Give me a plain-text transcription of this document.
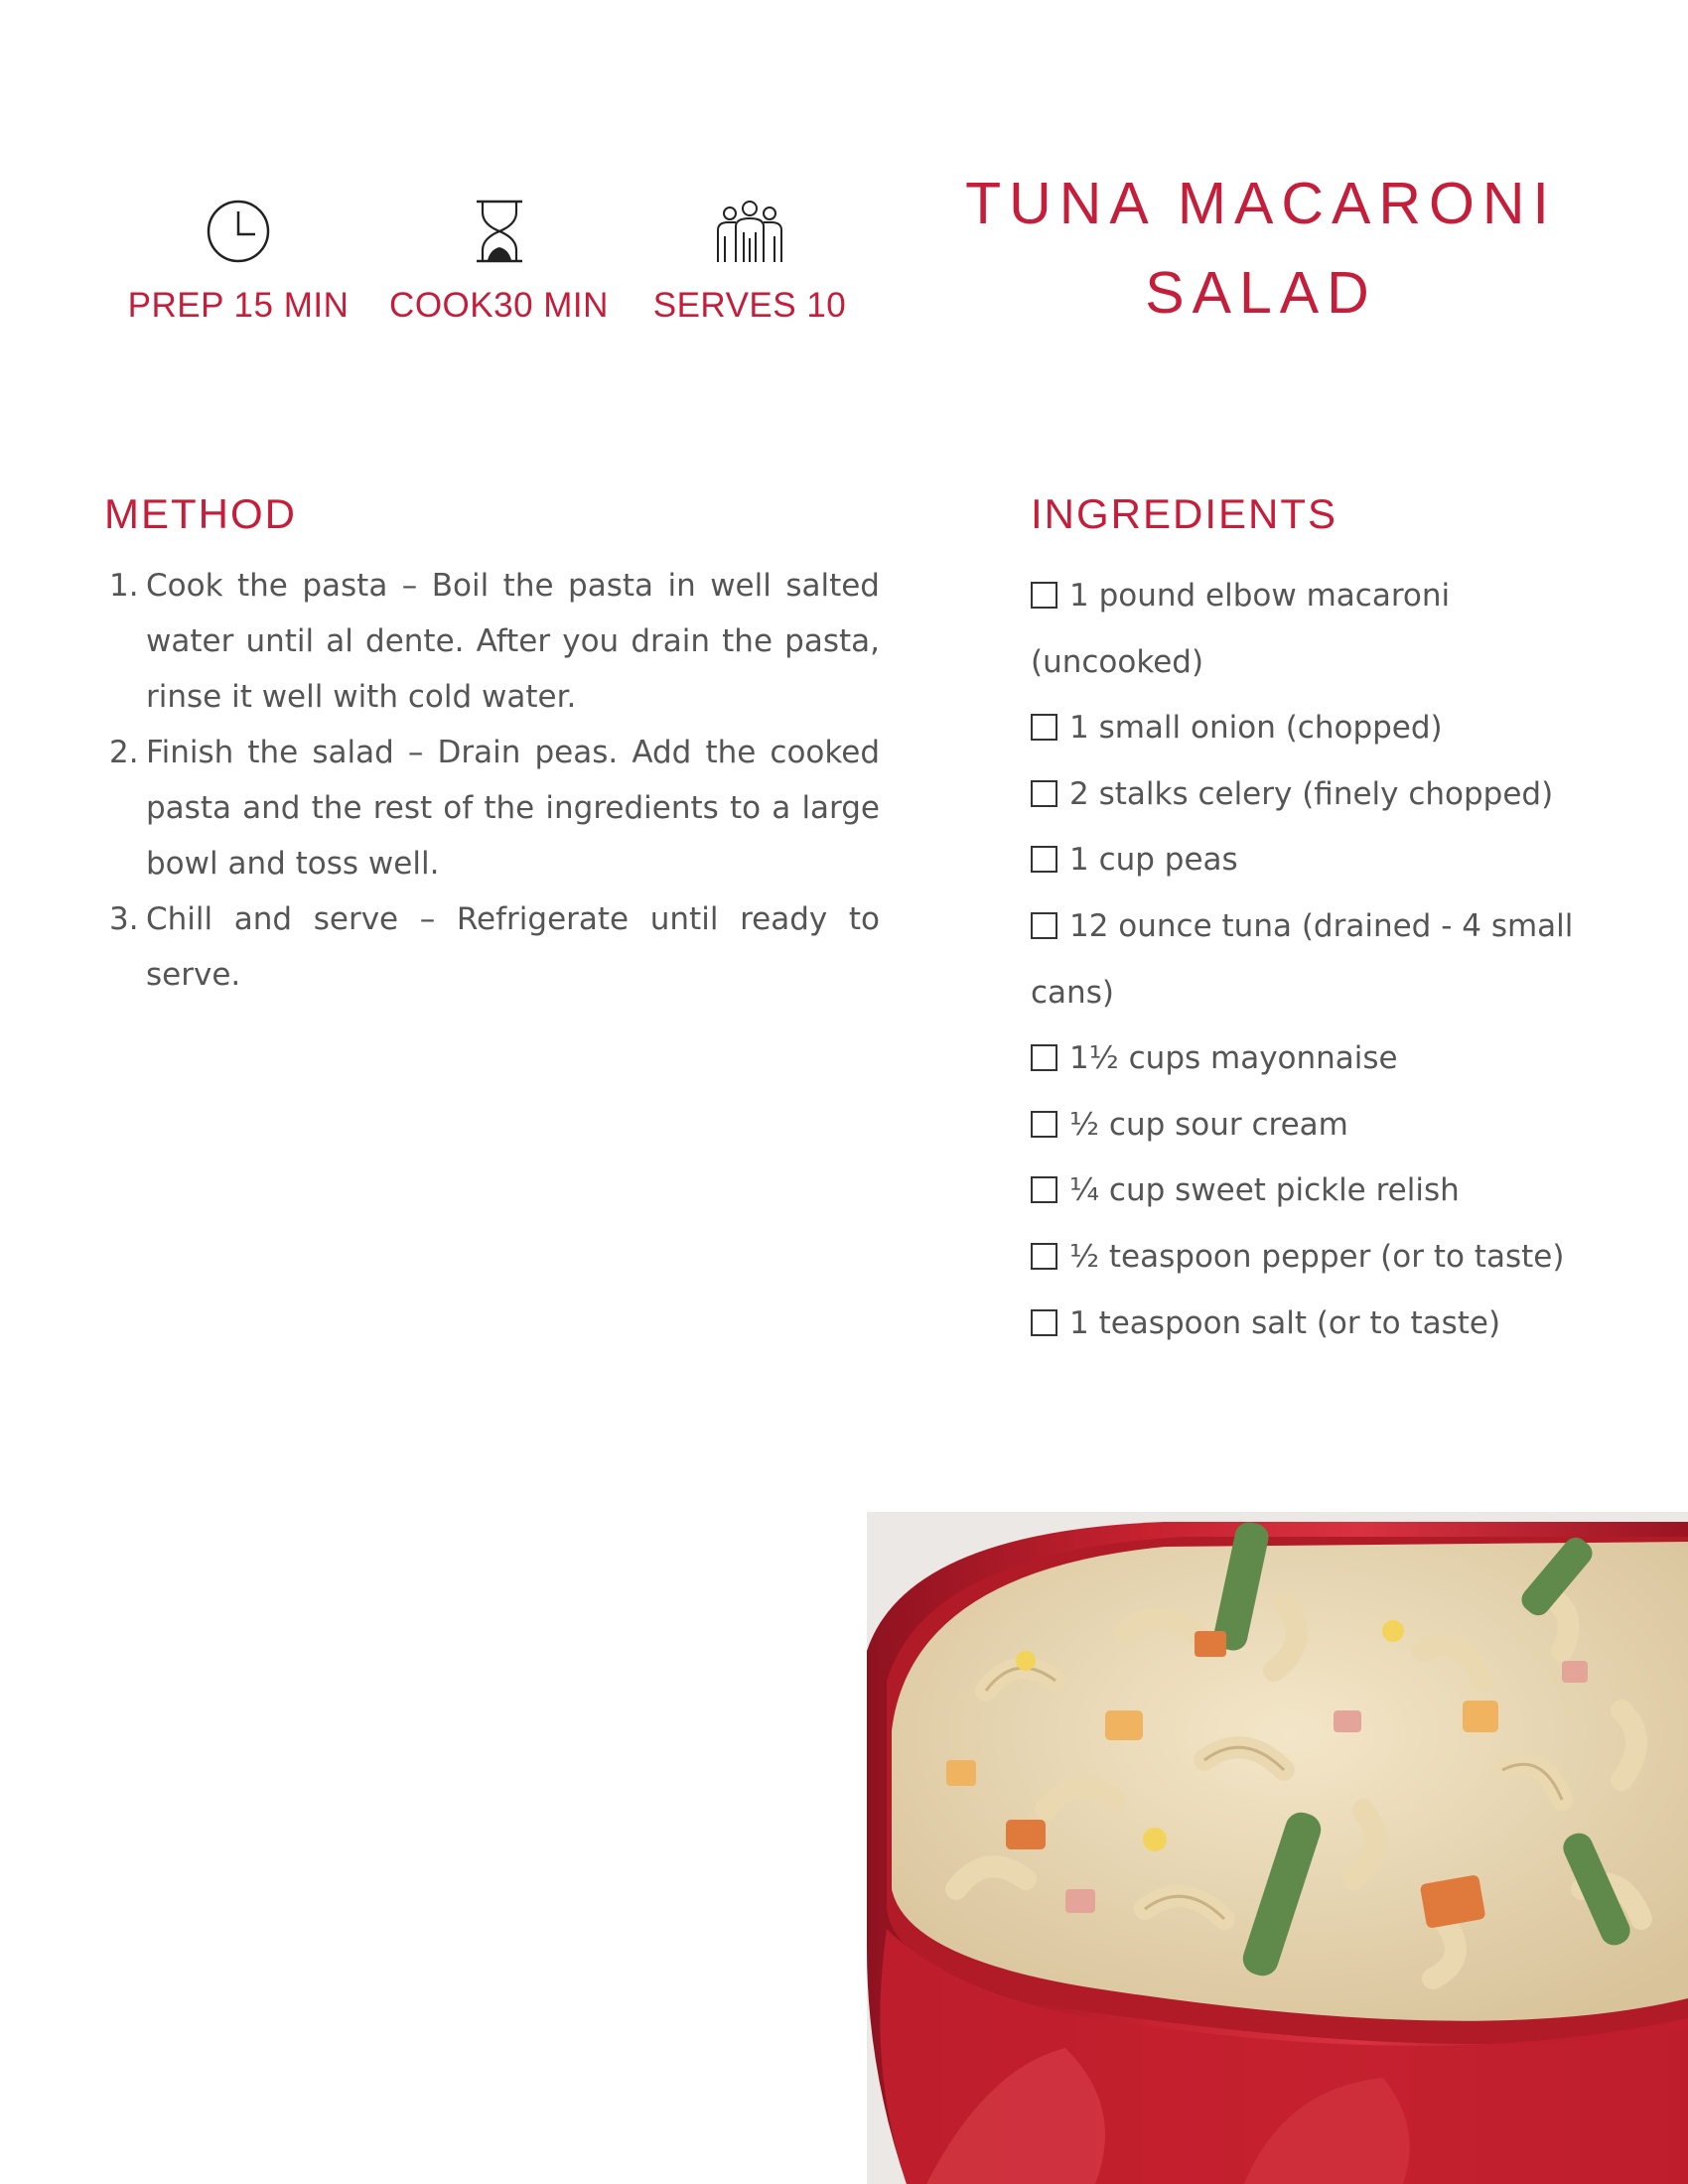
PREP 15 MIN	COOK30 MIN	SERVES 10
TUNA MACARONI
SALAD
METHOD
1. Cook the pasta – Boil the pasta in well salted water until al dente. After you drain the pasta, rinse it well with cold water.
2. Finish the salad – Drain peas. Add the cooked pasta and the rest of the ingredients to a large bowl and toss well.
3. Chill and serve – Refrigerate until ready to serve.
INGREDIENTS
1 pound elbow macaroni (uncooked)
1 small onion (chopped)
2 stalks celery (finely chopped)
1 cup peas
12 ounce tuna (drained - 4 small cans)
1½ cups mayonnaise
½ cup sour cream
¼ cup sweet pickle relish
½ teaspoon pepper (or to taste)
1 teaspoon salt (or to taste)
